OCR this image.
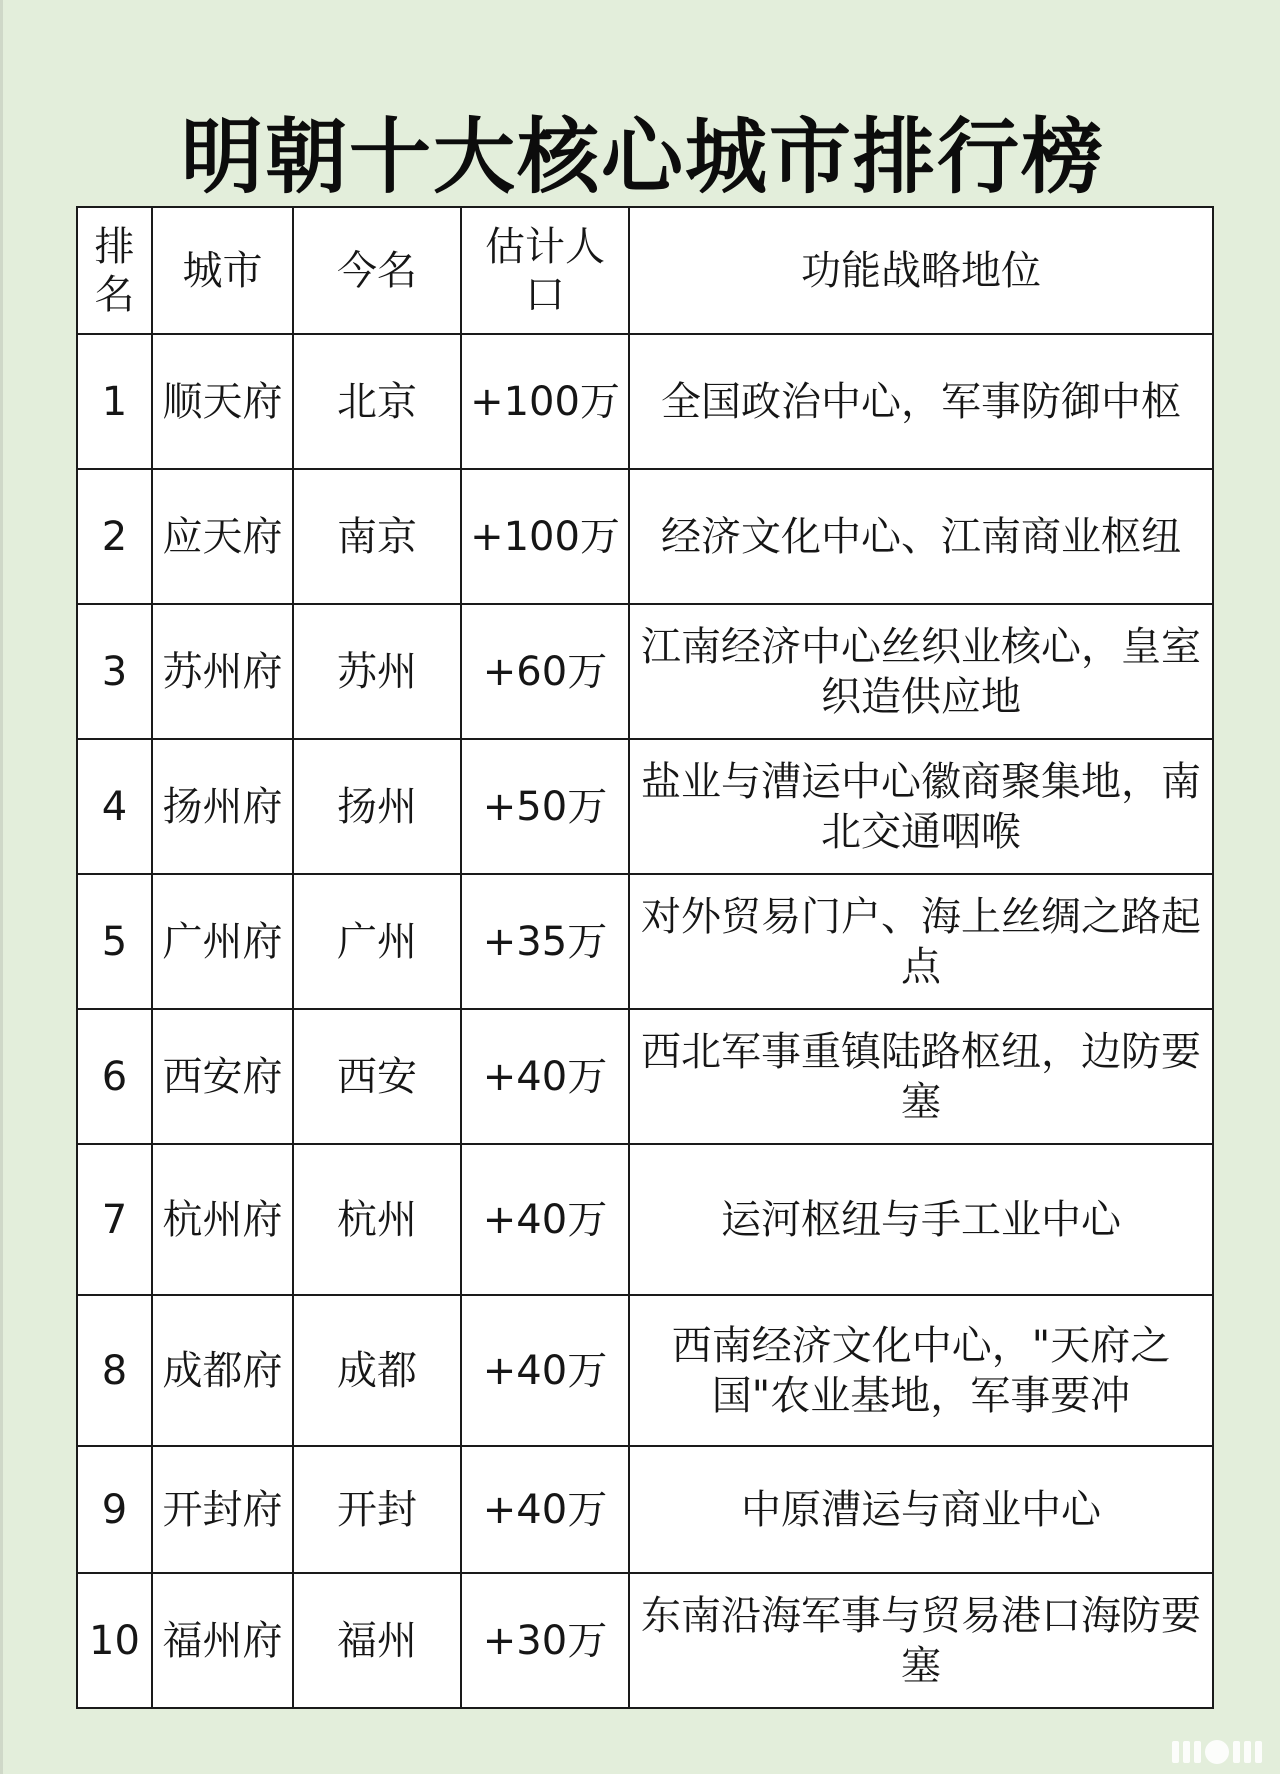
明朝十大核心城市排行榜
排名	城市	今名	估计人口	功能战略地位
1	顺天府	北京	+100万	全国政治中心，军事防御中枢
2	应天府	南京	+100万	经济文化中心、江南商业枢纽
3	苏州府	苏州	+60万	江南经济中心丝织业核心，皇室织造供应地
4	扬州府	扬州	+50万	盐业与漕运中心徽商聚集地，南北交通咽喉
5	广州府	广州	+35万	对外贸易门户、海上丝绸之路起点
6	西安府	西安	+40万	西北军事重镇陆路枢纽，边防要塞
7	杭州府	杭州	+40万	运河枢纽与手工业中心
8	成都府	成都	+40万	西南经济文化中心，"天府之国"农业基地，军事要冲
9	开封府	开封	+40万	中原漕运与商业中心
10	福州府	福州	+30万	东南沿海军事与贸易港口海防要塞
